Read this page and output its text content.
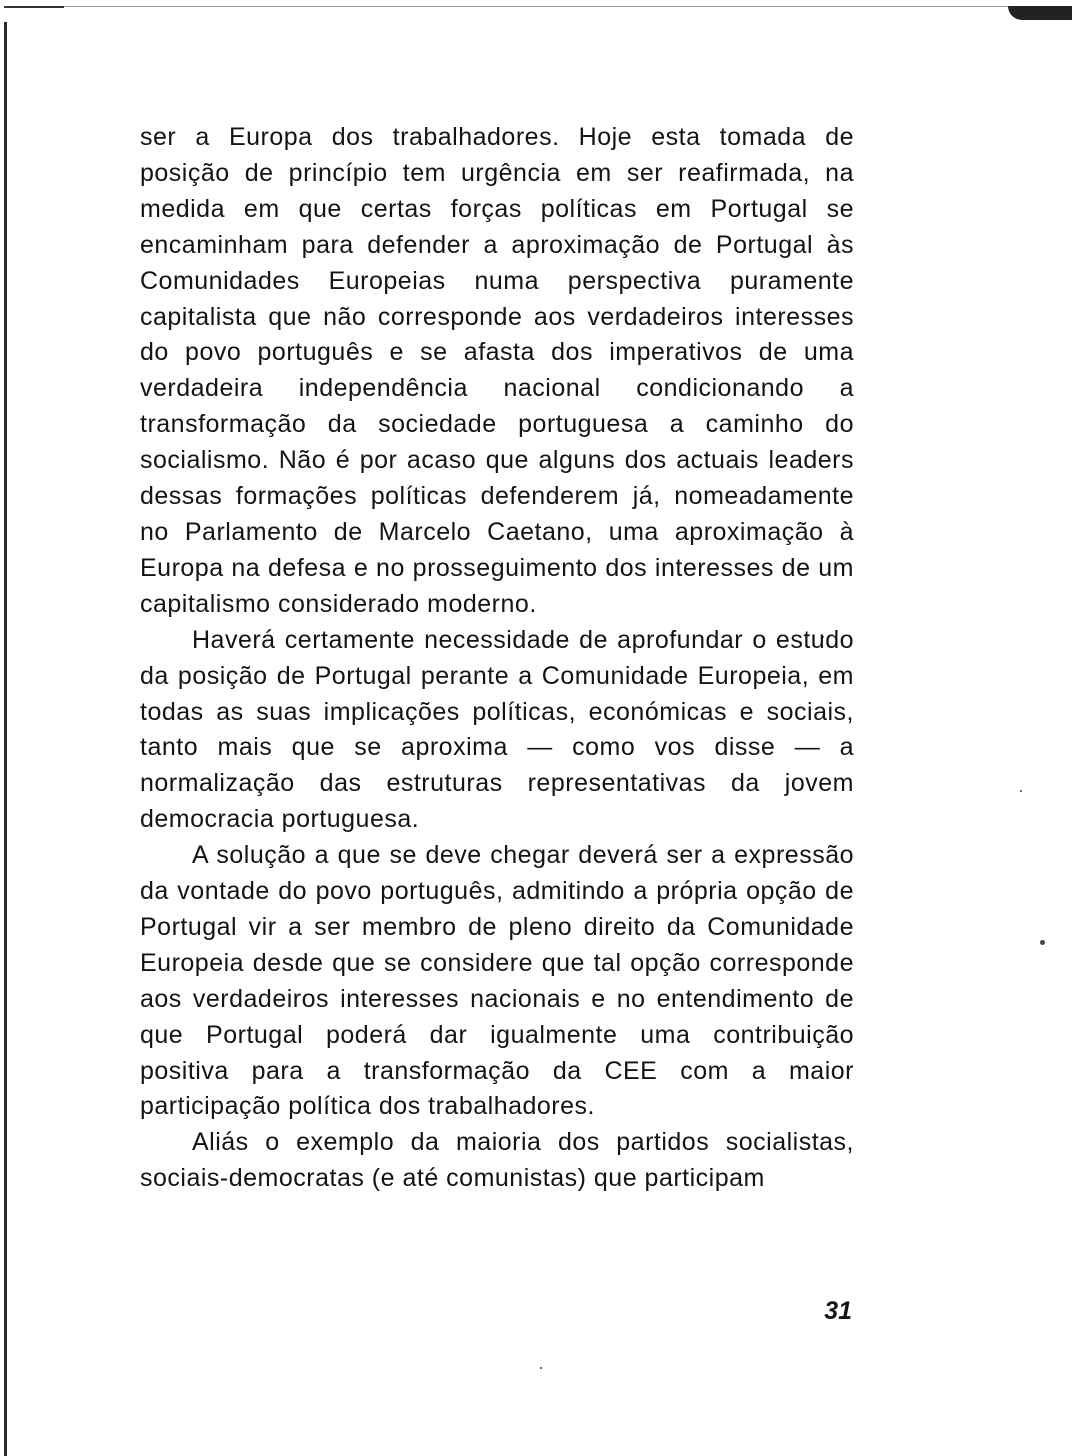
ser a Europa dos trabalhadores. Hoje esta tomada de posição de princípio tem urgência em ser reafirmada, na medida em que certas forças políticas em Portugal se encaminham para defender a aproximação de Portugal às Comunidades Europeias numa perspectiva puramente capitalista que não corresponde aos verdadeiros interesses do povo português e se afasta dos imperativos de uma verdadeira independência nacional condicionando a transformação da sociedade portuguesa a caminho do socialismo. Não é por acaso que alguns dos actuais leaders dessas formações políticas defenderem já, nomeadamente no Parlamento de Marcelo Caetano, uma aproximação à Europa na defesa e no prosseguimento dos interesses de um capitalismo considerado moderno.

Haverá certamente necessidade de aprofundar o estudo da posição de Portugal perante a Comunidade Europeia, em todas as suas implicações políticas, económicas e sociais, tanto mais que se aproxima — como vos disse — a normalização das estruturas representativas da jovem democracia portuguesa.

A solução a que se deve chegar deverá ser a expressão da vontade do povo português, admitindo a própria opção de Portugal vir a ser membro de pleno direito da Comunidade Europeia desde que se considere que tal opção corresponde aos verdadeiros interesses nacionais e no entendimento de que Portugal poderá dar igualmente uma contribuição positiva para a transformação da CEE com a maior participação política dos trabalhadores.

Aliás o exemplo da maioria dos partidos socialistas, sociais-democratas (e até comunistas) que participam

31
